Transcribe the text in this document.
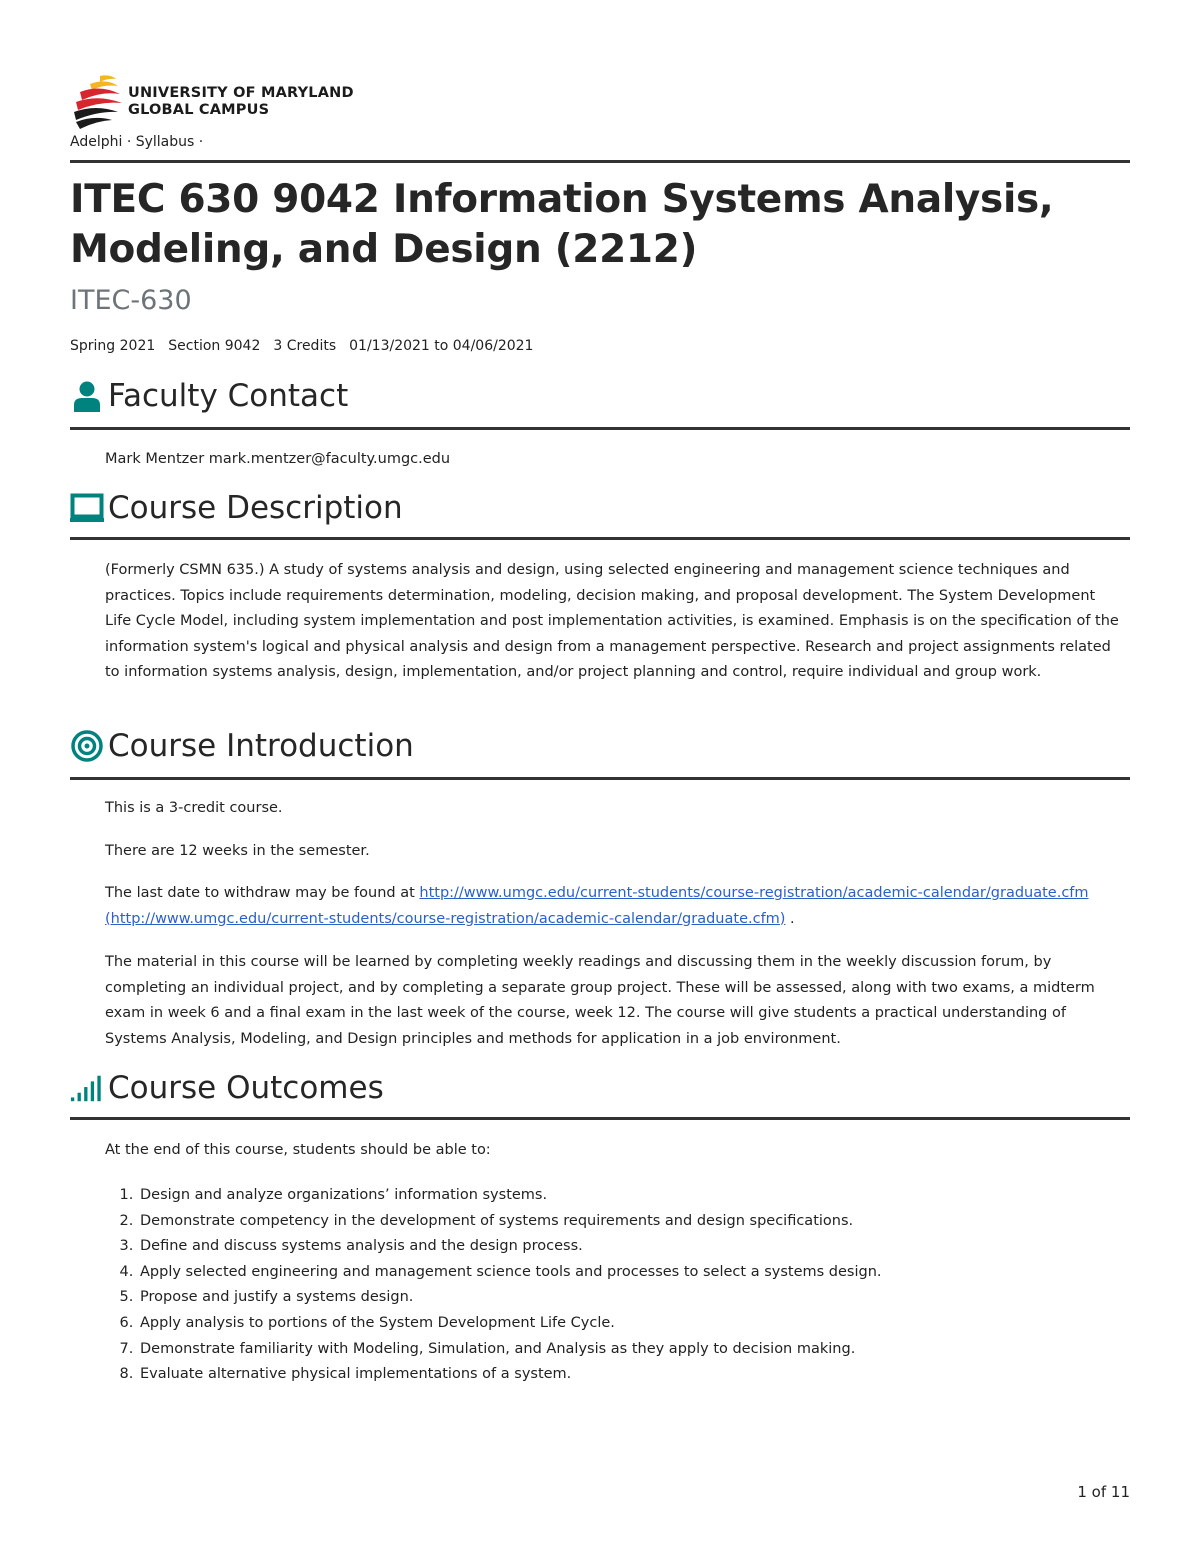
UNIVERSITY OF MARYLAND
GLOBAL CAMPUS
Adelphi · Syllabus ·
ITEC 630 9042 Information Systems Analysis, Modeling, and Design (2212)
ITEC-630
Spring 2021 Section 9042 3 Credits 01/13/2021 to 04/06/2021
Faculty Contact
Mark Mentzer mark.mentzer@faculty.umgc.edu
Course Description
(Formerly CSMN 635.) A study of systems analysis and design, using selected engineering and management science techniques and practices. Topics include requirements determination, modeling, decision making, and proposal development. The System Development Life Cycle Model, including system implementation and post implementation activities, is examined. Emphasis is on the specification of the information system's logical and physical analysis and design from a management perspective. Research and project assignments related to information systems analysis, design, implementation, and/or project planning and control, require individual and group work.
Course Introduction
This is a 3-credit course.
There are 12 weeks in the semester.
The last date to withdraw may be found at http://www.umgc.edu/current-students/course-registration/academic-calendar/graduate.cfm (http://www.umgc.edu/current-students/course-registration/academic-calendar/graduate.cfm) .
The material in this course will be learned by completing weekly readings and discussing them in the weekly discussion forum, by completing an individual project, and by completing a separate group project. These will be assessed, along with two exams, a midterm exam in week 6 and a final exam in the last week of the course, week 12. The course will give students a practical understanding of Systems Analysis, Modeling, and Design principles and methods for application in a job environment.
Course Outcomes
At the end of this course, students should be able to:
1. Design and analyze organizations’ information systems.
2. Demonstrate competency in the development of systems requirements and design specifications.
3. Define and discuss systems analysis and the design process.
4. Apply selected engineering and management science tools and processes to select a systems design.
5. Propose and justify a systems design.
6. Apply analysis to portions of the System Development Life Cycle.
7. Demonstrate familiarity with Modeling, Simulation, and Analysis as they apply to decision making.
8. Evaluate alternative physical implementations of a system.
1 of 11
